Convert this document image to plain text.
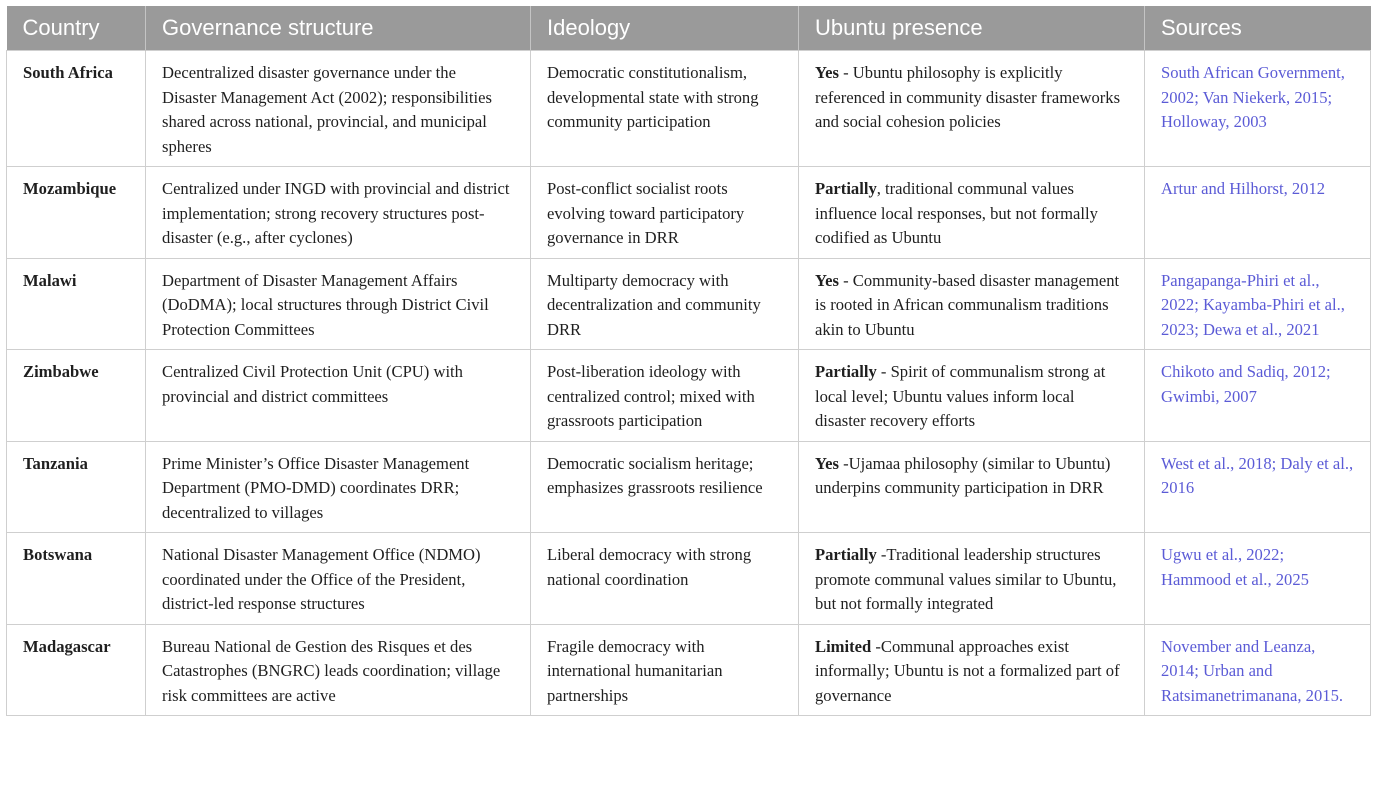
Country	Governance structure	Ideology	Ubuntu presence	Sources
South Africa	Decentralized disaster governance under the Disaster Management Act (2002); responsibilities shared across national, provincial, and municipal spheres	Democratic constitutionalism, developmental state with strong community participation	Yes - Ubuntu philosophy is explicitly referenced in community disaster frameworks and social cohesion policies	South African Government, 2002; Van Niekerk, 2015; Holloway, 2003
Mozambique	Centralized under INGD with provincial and district implementation; strong recovery structures post-disaster (e.g., after cyclones)	Post-conflict socialist roots evolving toward participatory governance in DRR	Partially, traditional communal values influence local responses, but not formally codified as Ubuntu	Artur and Hilhorst, 2012
Malawi	Department of Disaster Management Affairs (DoDMA); local structures through District Civil Protection Committees	Multiparty democracy with decentralization and community DRR	Yes - Community-based disaster management is rooted in African communalism traditions akin to Ubuntu	Pangapanga-Phiri et al., 2022; Kayamba-Phiri et al., 2023; Dewa et al., 2021
Zimbabwe	Centralized Civil Protection Unit (CPU) with provincial and district committees	Post-liberation ideology with centralized control; mixed with grassroots participation	Partially - Spirit of communalism strong at local level; Ubuntu values inform local disaster recovery efforts	Chikoto and Sadiq, 2012; Gwimbi, 2007
Tanzania	Prime Minister’s Office Disaster Management Department (PMO-DMD) coordinates DRR; decentralized to villages	Democratic socialism heritage; emphasizes grassroots resilience	Yes -Ujamaa philosophy (similar to Ubuntu) underpins community participation in DRR	West et al., 2018; Daly et al., 2016
Botswana	National Disaster Management Office (NDMO) coordinated under the Office of the President, district-led response structures	Liberal democracy with strong national coordination	Partially -Traditional leadership structures promote communal values similar to Ubuntu, but not formally integrated	Ugwu et al., 2022; Hammood et al., 2025
Madagascar	Bureau National de Gestion des Risques et des Catastrophes (BNGRC) leads coordination; village risk committees are active	Fragile democracy with international humanitarian partnerships	Limited -Communal approaches exist informally; Ubuntu is not a formalized part of governance	November and Leanza, 2014; Urban and Ratsimanetrimanana, 2015.
